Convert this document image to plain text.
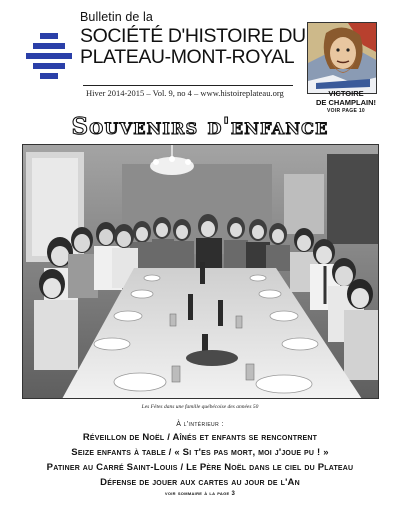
Bulletin de la
SOCIÉTÉ D'HISTOIRE DU
PLATEAU-MONT-ROYAL
Hiver 2014-2015 – Vol. 9, no 4 – www.histoireplateau.org	VICTOIRE
DE CHAMPLAIN!
VOIR PAGE 10
Souvenirs d'enfance
Les Fêtes dans une famille québécoise des années 50
À l'intérieur :
Réveillon de Noël / Aînés et enfants se rencontrent
Seize enfants à table / « Si t'es pas mort, moi j'joue pu ! »
Patiner au Carré Saint-Louis / Le Père Noël dans le ciel du Plateau
Défense de jouer aux cartes au jour de l'An
voir sommaire à la page 3
